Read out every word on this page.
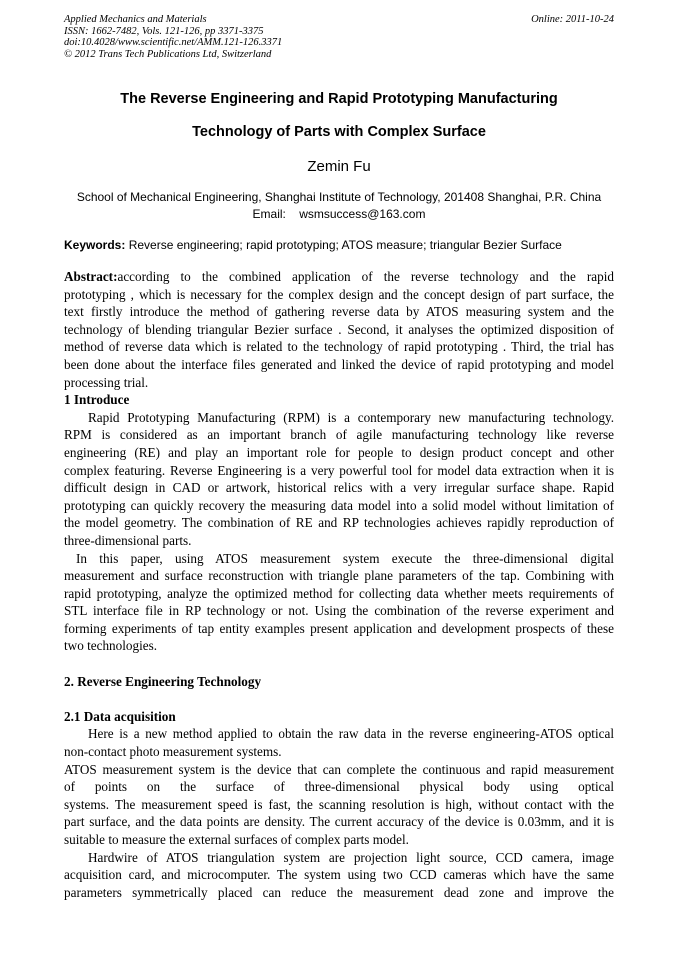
Applied Mechanics and Materials
ISSN: 1662-7482, Vols. 121-126, pp 3371-3375
doi:10.4028/www.scientific.net/AMM.121-126.3371
© 2012 Trans Tech Publications Ltd, Switzerland
Online: 2011-10-24
The Reverse Engineering and Rapid Prototyping Manufacturing
Technology of Parts with Complex Surface
Zemin Fu
School of Mechanical Engineering, Shanghai Institute of Technology, 201408 Shanghai, P.R. China
Email:    wsmsuccess@163.com
Keywords: Reverse engineering; rapid prototyping; ATOS measure; triangular Bezier Surface
Abstract: according to the combined application of the reverse technology and the rapid
prototyping , which is necessary for the complex design and the concept design of part surface, the
text firstly introduce the method of gathering reverse data by ATOS measuring system and the
technology of blending triangular Bezier surface . Second, it analyses the optimized disposition of
method of reverse data which is related to the technology of rapid prototyping . Third, the trial has
been done about the interface files generated and linked the device of rapid prototyping and model
processing trial.
1 Introduce
Rapid Prototyping Manufacturing (RPM) is a contemporary new manufacturing technology.
RPM is considered as an important branch of agile manufacturing technology like reverse
engineering (RE) and play an important role for people to design product concept and other
complex featuring. Reverse Engineering is a very powerful tool for model data extraction when it is
difficult design in CAD or artwork, historical relics with a very irregular surface shape. Rapid
prototyping can quickly recovery the measuring data model into a solid model without limitation of
the model geometry. The combination of RE and RP technologies achieves rapidly reproduction of
three-dimensional parts.
In this paper, using ATOS measurement system execute the three-dimensional digital
measurement and surface reconstruction with triangle plane parameters of the tap. Combining with
rapid prototyping, analyze the optimized method for collecting data whether meets requirements of
STL interface file in RP technology or not. Using the combination of the reverse experiment and
forming experiments of tap entity examples present application and development prospects of these
two technologies.
2. Reverse Engineering Technology
2.1 Data acquisition
Here is a new method applied to obtain the raw data in the reverse engineering-ATOS optical
non-contact photo measurement systems.
ATOS measurement system is the device that can complete the continuous and rapid measurement
of points on the surface of three-dimensional physical body using optical
systems. The measurement speed is fast, the scanning resolution is high, without contact with the
part surface, and the data points are density. The current accuracy of the device is 0.03mm, and it is
suitable to measure the external surfaces of complex parts model.
Hardwire of ATOS triangulation system are projection light source, CCD camera, image
acquisition card, and microcomputer. The system using two CCD cameras which have the same
parameters symmetrically placed can reduce the measurement dead zone and improve the
